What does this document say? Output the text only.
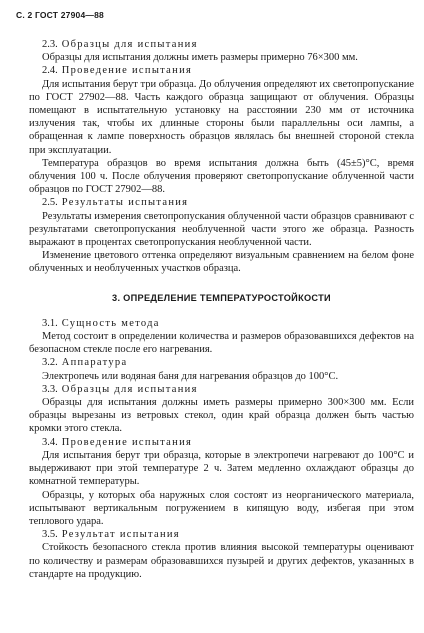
С. 2 ГОСТ 27904—88
2.3. Образцы для испытания

Образцы для испытания должны иметь размеры примерно 76×300 мм.

2.4. Проведение испытания

Для испытания берут три образца. До облучения определяют их светопропускание по ГОСТ 27902—88. Часть каждого образца защищают от облучения. Образцы помещают в испытательную установку на расстоянии 230 мм от источника излучения так, чтобы их длинные стороны были параллельны оси лампы, а обращенная к лампе поверхность образцов являлась бы внешней стороной стекла при эксплуатации.

Температура образцов во время испытания должна быть (45±5)°С, время облучения 100 ч. После облучения проверяют светопропускание облученной части образцов по ГОСТ 27902—88.

2.5. Результаты испытания

Результаты измерения светопропускания облученной части образцов сравнивают с результатами светопропускания необлученной части этого же образца. Разность выражают в процентах светопропускания необлученной части.

Изменение цветового оттенка определяют визуальным сравнением на белом фоне облученных и необлученных участков образца.

3. ОПРЕДЕЛЕНИЕ ТЕМПЕРАТУРОСТОЙКОСТИ
3.1. Сущность метода

Метод состоит в определении количества и размеров образовавшихся дефектов на безопасном стекле после его нагревания.

3.2. Аппаратура

Электропечь или водяная баня для нагревания образцов до 100°С.

3.3. Образцы для испытания

Образцы для испытания должны иметь размеры примерно 300×300 мм. Если образцы вырезаны из ветровых стекол, один край образца должен быть частью кромки этого стекла.

3.4. Проведение испытания

Для испытания берут три образца, которые в электропечи нагревают до 100°С и выдерживают при этой температуре 2 ч. Затем медленно охлаждают образцы до комнатной температуры.

Образцы, у которых оба наружных слоя состоят из неорганического материала, испытывают вертикальным погружением в кипящую воду, избегая при этом теплового удара.

3.5. Результат испытания

Стойкость безопасного стекла против влияния высокой температуры оценивают по количеству и размерам образовавшихся пузырей и других дефектов, указанных в стандарте на продукцию.
